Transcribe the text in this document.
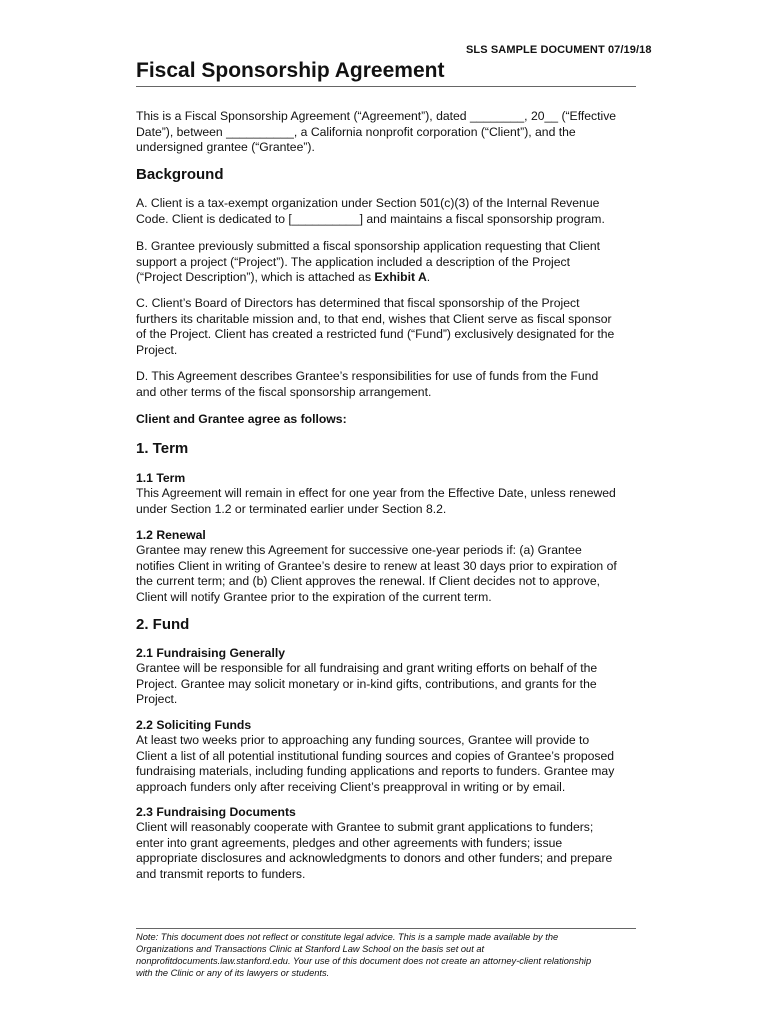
SLS SAMPLE DOCUMENT 07/19/18
Fiscal Sponsorship Agreement

This is a Fiscal Sponsorship Agreement (“Agreement”), dated ________, 20__ (“Effective

Date”), between __________, a California nonprofit corporation (“Client”), and the

undersigned grantee (“Grantee”).

Background

A. Client is a tax-exempt organization under Section 501(c)(3) of the Internal Revenue

Code. Client is dedicated to [__________] and maintains a fiscal sponsorship program.

B. Grantee previously submitted a fiscal sponsorship application requesting that Client

support a project (“Project”). The application included a description of the Project

(“Project Description”), which is attached as Exhibit A.

C. Client’s Board of Directors has determined that fiscal sponsorship of the Project

furthers its charitable mission and, to that end, wishes that Client serve as fiscal sponsor

of the Project. Client has created a restricted fund (“Fund”) exclusively designated for the

Project.

D. This Agreement describes Grantee’s responsibilities for use of funds from the Fund

and other terms of the fiscal sponsorship arrangement.

Client and Grantee agree as follows:
1. Term
1.1 Term

This Agreement will remain in effect for one year from the Effective Date, unless renewed

under Section 1.2 or terminated earlier under Section 8.2.

1.2 Renewal

Grantee may renew this Agreement for successive one-year periods if: (a) Grantee

notifies Client in writing of Grantee’s desire to renew at least 30 days prior to expiration of

the current term; and (b) Client approves the renewal. If Client decides not to approve,

Client will notify Grantee prior to the expiration of the current term.

2. Fund
2.1 Fundraising Generally

Grantee will be responsible for all fundraising and grant writing efforts on behalf of the

Project. Grantee may solicit monetary or in-kind gifts, contributions, and grants for the

Project.

2.2 Soliciting Funds

At least two weeks prior to approaching any funding sources, Grantee will provide to

Client a list of all potential institutional funding sources and copies of Grantee’s proposed

fundraising materials, including funding applications and reports to funders. Grantee may

approach funders only after receiving Client’s preapproval in writing or by email.

2.3 Fundraising Documents

Client will reasonably cooperate with Grantee to submit grant applications to funders;

enter into grant agreements, pledges and other agreements with funders; issue

appropriate disclosures and acknowledgments to donors and other funders; and prepare

and transmit reports to funders.

Note: This document does not reflect or constitute legal advice. This is a sample made available by the

Organizations and Transactions Clinic at Stanford Law School on the basis set out at

nonprofitdocuments.law.stanford.edu. Your use of this document does not create an attorney-client relationship

with the Clinic or any of its lawyers or students.
